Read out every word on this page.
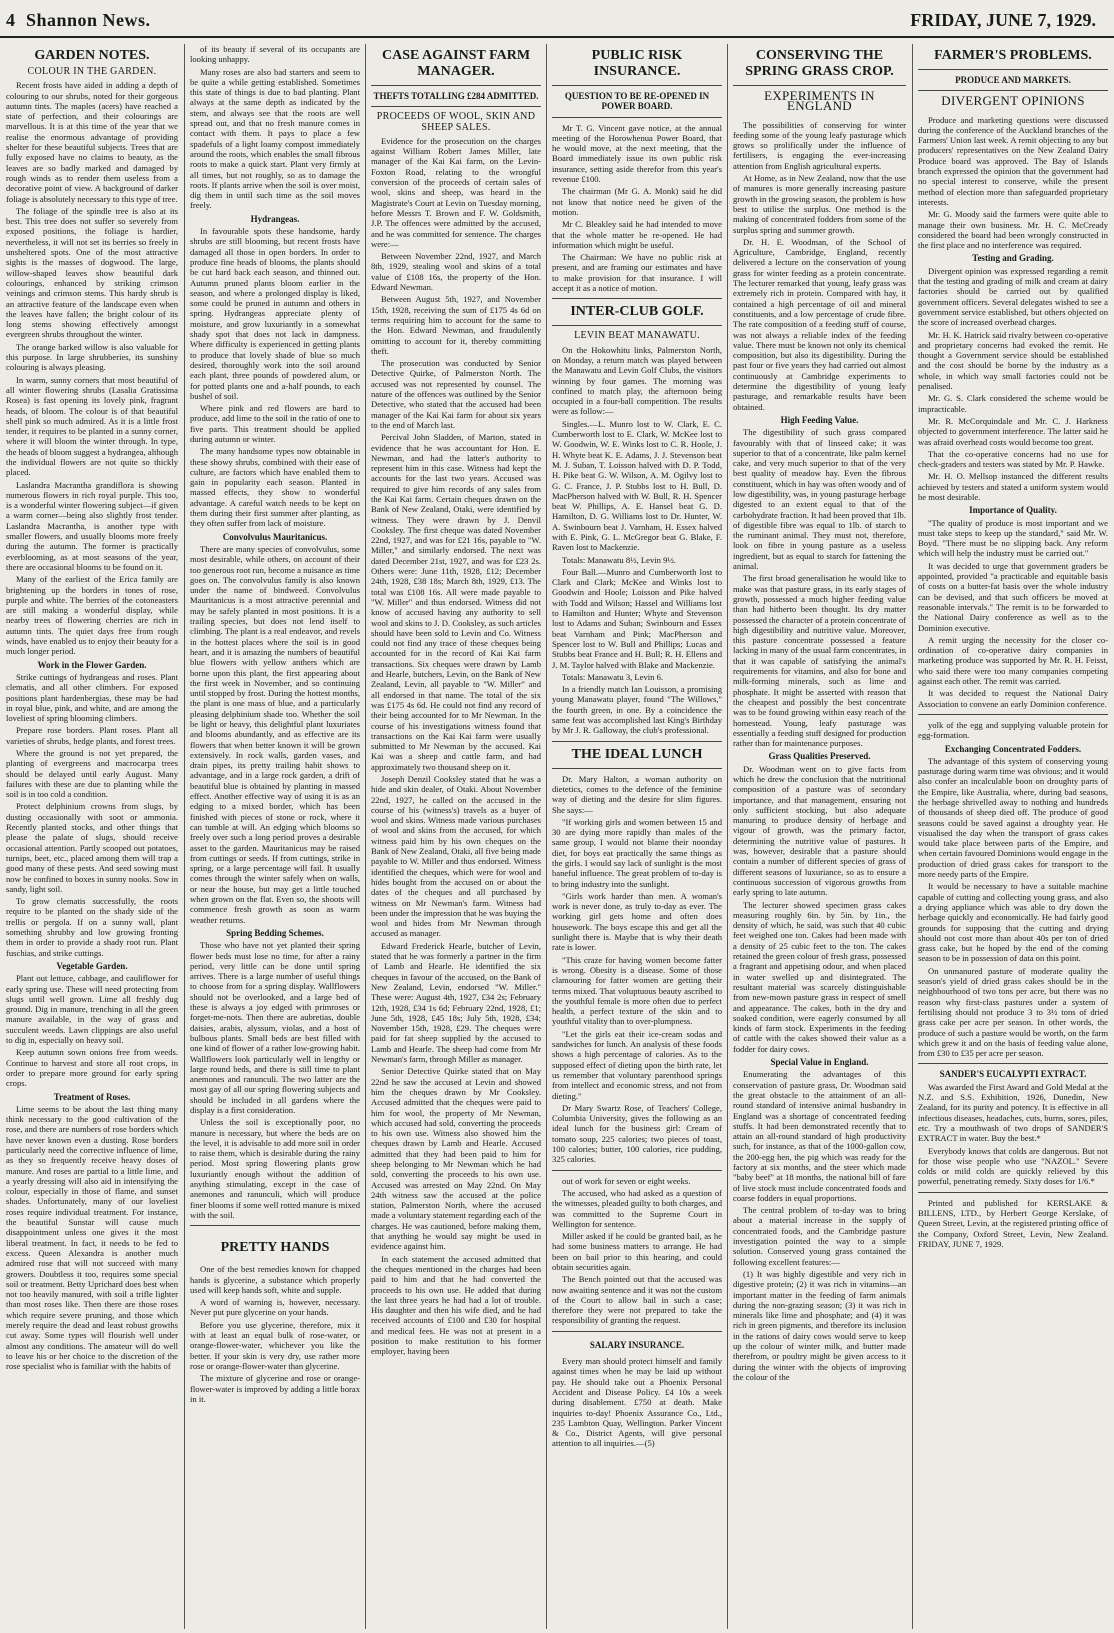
4 Shannon News.	FRIDAY, JUNE 7, 1929.
GARDEN NOTES.
COLOUR IN THE GARDEN.

Recent frosts have aided in adding a depth of colouring to our shrubs, noted for their gorgeous autumn tints. The maples (acers) have reached a state of perfection, and their colourings are marvellous. It is at this time of the year that we realise the enormous advantage of providing shelter for these beautiful subjects. Trees that are fully exposed have no claims to beauty, as the leaves are so badly marked and damaged by rough winds as to render them useless from a decorative point of view. A background of darker foliage is absolutely necessary to this type of tree.

The foliage of the spindle tree is also at its best. This tree does not suffer so severely from exposed positions, the foliage is hardier, nevertheless, it will not set its berries so freely in unsheltered spots. One of the most attractive sights is the masses of dogwood. The large, willow-shaped leaves show beautiful dark colourings, enhanced by striking crimson veinings and crimson stems. This hardy shrub is an attractive feature of the landscape even when the leaves have fallen; the bright colour of its long stems showing effectively amongst evergreen shrubs throughout the winter.

The orange barked willow is also valuable for this purpose. In large shrubberies, its sunshiny colouring is always pleasing.

In warm, sunny corners that most beautiful of all winter flowering shrubs (Lasalia Gratissima Rosea) is fast opening its lovely pink, fragrant heads, of bloom. The colour is of that beautiful shell pink so much admired. As it is a little frost tender, it requires to be planted in a sunny corner, where it will bloom the winter through. In type, the heads of bloom suggest a hydrangea, although the individual flowers are not quite so thickly placed.

Laslandra Macrantha grandiflora is showing numerous flowers in rich royal purple. This too, is a wonderful winter flowering subject—if given a warm corner—being also slightly frost tender. Laslandra Macrantha, is another type with smaller flowers, and usually blooms more freely during the autumn. The former is practically everblooming, as at most seasons of the year, there are occasional blooms to be found on it.

Many of the earliest of the Erica family are brightening up the borders in tones of rose, purple and white. The berries of the cotoneasters are still making a wonderful display, while nearby trees of flowering cherries are rich in autumn tints. The quiet days free from rough winds, have enabled us to enjoy their beauty for a much longer period.

Work in the Flower Garden.

Strike cuttings of hydrangeas and roses. Plant clematis, and all other climbers. For exposed positions plant hardenbergias, these may be had in royal blue, pink, and white, and are among the loveliest of spring blooming climbers.

Prepare rose borders. Plant roses. Plant all varieties of shrubs, hedge plants, and forest trees.

Where the ground is not yet prepared, the planting of evergreens and macrocarpa trees should be delayed until early August. Many failures with these are due to planting while the soil is in too cold a condition.

Protect delphinium crowns from slugs, by dusting occasionally with soot or ammonia. Recently planted stocks, and other things that please the palate of slugs, should receive occasional attention. Partly scooped out potatoes, turnips, beet, etc., placed among them will trap a good many of these pests. And seed sowing must now be confined to boxes in sunny nooks. Sow in sandy, light soil.

To grow clematis successfully, the roots require to be planted on the shady side of the trellis or pergola. If on a sunny wall, plant something shrubby and low growing fronting them in order to provide a shady root run. Plant fuschias, and strike cuttings.

Vegetable Garden.

Plant out lettuce, cabbage, and cauliflower for early spring use. These will need protecting from slugs until well grown. Lime all freshly dug ground. Dig in manure, trenching in all the green manure available, in the way of grass and succulent weeds. Lawn clippings are also useful to dig in, especially on heavy soil.

Keep autumn sown onions free from weeds. Continue to harvest and store all root crops, in order to prepare more ground for early spring crops.

Treatment of Roses.

Lime seems to be about the last thing many think necessary to the good cultivation of the rose, and there are numbers of rose borders which have never known even a dusting. Rose borders particularly need the corrective influence of lime, as they so frequently receive heavy doses of manure. And roses are partial to a little lime, and a yearly dressing will also aid in intensifying the colour, especially in those of flame, and sunset shades. Unfortunately, many of our loveliest roses require individual treatment. For instance, the beautiful Sunstar will cause much disappointment unless one gives it the most liberal treatment. In fact, it needs to be fed to excess. Queen Alexandra is another much admired rose that will not succeed with many growers. Doubtless it too, requires some special soil or treatment. Betty Uprichard does best when not too heavily manured, with soil a trifle lighter than most roses like. Then there are those roses which require severe pruning, and those which merely require the dead and least robust growths cut away. Some types will flourish well under almost any conditions. The amateur will do well to leave his or her choice to the discretion of the rose specialist who is familiar with the habits of

of its beauty if several of its occupants are looking unhappy.

Many roses are also bad starters and seem to be quite a while getting established. Sometimes this state of things is due to bad planting. Plant always at the same depth as indicated by the stem, and always see that the roots are well spread out, and that no fresh manure comes in contact with them. It pays to place a few spadefuls of a light loamy compost immediately around the roots, which enables the small fibrous roots to make a quick start. Plant very firmly at all times, but not roughly, so as to damage the roots. If plants arrive when the soil is over moist, dig them in until such time as the soil moves freely.

Hydrangeas.

In favourable spots these handsome, hardy shrubs are still blooming, but recent frosts have damaged all those in open borders. In order to produce fine heads of blooms, the plants should be cut hard back each season, and thinned out. Autumn pruned plants bloom earlier in the season, and where a prolonged display is liked, some could be pruned in autumn and others in spring. Hydrangeas appreciate plenty of moisture, and grow luxuriantly in a somewhat shady spot that does not lack in dampness. Where difficulty is experienced in getting plants to produce that lovely shade of blue so much desired, thoroughly work into the soil around each plant, three pounds of powdered alum, or for potted plants one and a-half pounds, to each bushel of soil.

Where pink and red flowers are hard to produce, add lime to the soil in the ratio of one to five parts. This treatment should be applied during autumn or winter.

The many handsome types now obtainable in these showy shrubs, combined with their ease of culture, are factors which have enabled them to gain in popularity each season. Planted in massed effects, they show to wonderful advantage. A careful watch needs to be kept on them during their first summer after planting, as they often suffer from lack of moisture.

Convolvulus Mauritanicus.

There are many species of convolvulus, some most desirable, while others, on account of their too generous root run, become a nuisance as time goes on. The convolvulus family is also known under the name of bindweed. Convolvulus Mauritanicus is a most attractive perennial and may be safely planted in most positions. It is a trailing species, but does not lend itself to climbing. The plant is a real endeavor, and revels in the hottest places where the soil is in good heart, and it is amazing the numbers of beautiful blue flowers with yellow anthers which are borne upon this plant, the first appearing about the first week in November, and so continuing until stopped by frost. During the hottest months, the plant is one mass of blue, and a particularly pleasing delphinium shade too. Whether the soil be light or heavy, this delightful plant luxuriates and blooms abundantly, and as effective are its flowers that when better known it will be grown extensively. In rock walls, garden vases, and drain pipes, its pretty trailing habit shows to advantage, and in a large rock garden, a drift of beautiful blue is obtained by planting in massed effect. Another effective way of using it is as an edging to a mixed border, which has been finished with pieces of stone or rock, where it can tumble at will. An edging which blooms so freely over such a long period proves a desirable asset to the garden. Mauritanicus may be raised from cuttings or seeds. If from cuttings, strike in spring, or a large percentage will fail. It usually comes through the winter safely when on walls, or near the house, but may get a little touched when grown on the flat. Even so, the shoots will commence fresh growth as soon as warm weather returns.

Spring Bedding Schemes.

Those who have not yet planted their spring flower beds must lose no time, for after a rainy period, very little can be done until spring arrives. There is a large number of useful things to choose from for a spring display. Wallflowers should not be overlooked, and a large bed of these is always a joy edged with primroses or forget-me-nots. Then there are aubretias, double daisies, arabis, alyssum, violas, and a host of bulbous plants. Small beds are best filled with one kind of flower of a rather low-growing habit. Wallflowers look particularly well in lengthy or large round beds, and there is still time to plant anemones and ranunculi. The two latter are the most gay of all our spring flowering subjects and should be included in all gardens where the display is a first consideration.

Unless the soil is exceptionally poor, no manure is necessary, but where the beds are on the level, it is advisable to add more soil in order to raise them, which is desirable during the rainy period. Most spring flowering plants grow luxuriantly enough without the addition of anything stimulating, except in the case of anemones and ranunculi, which will produce finer blooms if some well rotted manure is mixed with the soil.

PRETTY HANDS

One of the best remedies known for chapped hands is glycerine, a substance which properly used will keep hands soft, white and supple.

A word of warning is, however, necessary. Never put pure glycerine on your hands.

Before you use glycerine, therefore, mix it with at least an equal bulk of rose-water, or orange-flower-water, whichever you like the better. If your skin is very dry, use rather more rose or orange-flower-water than glycerine.

The mixture of glycerine and rose or orange-flower-water is improved by adding a little borax in it.

CASE AGAINST FARM MANAGER.
THEFTS TOTALLING £284 ADMITTED.
PROCEEDS OF WOOL, SKIN AND SHEEP SALES.

Evidence for the prosecution on the charges against William Robert James Miller, late manager of the Kai Kai farm, on the Levin-Foxton Road, relating to the wrongful conversion of the proceeds of certain sales of wool, skins and sheep, was heard in the Magistrate's Court at Levin on Tuesday morning, before Messrs T. Brown and F. W. Goldsmith, J.P. The offences were admitted by the accused, and he was committed for sentence. The charges were:—

Between November 22nd, 1927, and March 8th, 1929, stealing wool and skins of a total value of £108 16s, the property of the Hon. Edward Newman.

Between August 5th, 1927, and November 15th, 1928, receiving the sum of £175 4s 6d on terms requiring him to account for the same to the Hon. Edward Newman, and fraudulently omitting to account for it, thereby committing theft.

The prosecution was conducted by Senior Detective Quirke, of Palmerston North. The accused was not represented by counsel. The nature of the offences was outlined by the Senior Detective, who stated that the accused had been manager of the Kai Kai farm for about six years to the end of March last.

Percival John Sladden, of Marton, stated in evidence that he was accountant for Hon. E. Newman, and had the latter's authority to represent him in this case. Witness had kept the accounts for the last two years. Accused was required to give him records of any sales from the Kai Kai farm. Certain cheques drawn on the Bank of New Zealand, Otaki, were identified by witness. They were drawn by J. Denvil Cooksley. The first cheque was dated November 22nd, 1927, and was for £21 16s, payable to "W. Miller," and similarly endorsed. The next was dated December 21st, 1927, and was for £23 2s. Others were: June 11th, 1928, £12; December 24th, 1928, £38 18s; March 8th, 1929, £13. The total was £108 16s. All were made payable to "W. Miller" and thus endorsed. Witness did not know of accused having any authority to sell wool and skins to J. D. Cooksley, as such articles should have been sold to Levin and Co. Witness could not find any trace of these cheques being accounted for in the record of Kai Kai farm transactions. Six cheques were drawn by Lamb and Hearle, butchers, Levin, on the Bank of New Zealand, Levin, all payable to "W. Miller" and all endorsed in that name. The total of the six was £175 4s 6d. He could not find any record of their being accounted for to Mr Newman. In the course of his investigations witness found that transactions on the Kai Kai farm were usually submitted to Mr Newman by the accused. Kai Kai was a sheep and cattle farm, and had approximately two thousand sheep on it.

Joseph Denzil Cooksley stated that he was a hide and skin dealer, of Otaki. About November 22nd, 1927, he called on the accused in the course of his (witness's) travels as a buyer of wool and skins. Witness made various purchases of wool and skins from the accused, for which witness paid him by his own cheques on the Bank of New Zealand, Otaki, all five being made payable to W. Miller and thus endorsed. Witness identified the cheques, which were for wool and hides bought from the accused on or about the dates of the cheques and all purchased by witness on Mr Newman's farm. Witness had been under the impression that he was buying the wool and hides from Mr Newman through accused as manager.

Edward Frederick Hearle, butcher of Levin, stated that he was formerly a partner in the firm of Lamb and Hearle. He identified the six cheques in favour of the accused, on the Bank of New Zealand, Levin, endorsed "W. Miller." These were: August 4th, 1927, £34 2s; February 12th, 1928, £34 1s 6d; February 22nd, 1928, £1; June 5th, 1928, £45 18s; July 5th, 1928, £34; November 15th, 1928, £29. The cheques were paid for fat sheep supplied by the accused to Lamb and Hearle. The sheep had come from Mr Newman's farm, through Miller as manager.

Senior Detective Quirke stated that on May 22nd he saw the accused at Levin and showed him the cheques drawn by Mr Cooksley. Accused admitted that the cheques were paid to him for wool, the property of Mr Newman, which accused had sold, converting the proceeds to his own use. Witness also showed him the cheques drawn by Lamb and Hearle. Accused admitted that they had been paid to him for sheep belonging to Mr Newman which he had sold, converting the proceeds to his own use. Accused was arrested on May 22nd. On May 24th witness saw the accused at the police station, Palmerston North, where the accused made a voluntary statement regarding each of the charges. He was cautioned, before making them, that anything he would say might be used in evidence against him.

In each statement the accused admitted that the cheques mentioned in the charges had been paid to him and that he had converted the proceeds to his own use. He added that during the last three years he had had a lot of trouble. His daughter and then his wife died, and he had received accounts of £100 and £30 for hospital and medical fees. He was not at present in a position to make restitution to his former employer, having been

PUBLIC RISK INSURANCE.
QUESTION TO BE RE-OPENED IN POWER BOARD.

Mr T. G. Vincent gave notice, at the annual meeting of the Horowhenua Power Board, that he would move, at the next meeting, that the Board immediately issue its own public risk insurance, setting aside therefor from this year's revenue £100.

The chairman (Mr G. A. Monk) said he did not know that notice need be given of the motion.

Mr C. Bleakley said he had intended to move that the whole matter be re-opened. He had information which might be useful.

The Chairman: We have no public risk at present, and are framing our estimates and have to make provision for that insurance. I will accept it as a notice of motion.

INTER-CLUB GOLF.
LEVIN BEAT MANAWATU.

On the Hokowhitu links, Palmerston North, on Monday, a return match was played between the Manawatu and Levin Golf Clubs, the visitors winning by four games. The morning was confined to match play, the afternoon being occupied in a four-ball competition. The results were as follow:—

Singles.—L. Munro lost to W. Clark, E. C. Cumberworth lost to E. Clark, W. McKee lost to W. Goodwin, W. E. Winks lost to C. R. Hoole, J. H. Whyte beat K. E. Adams, J. J. Stevenson beat M. J. Suban, T. Loisson halved with D. P. Todd, H. Pike beat G. W. Wilson, A. M. Ogilvy lost to G. C. France, J. P. Stubbs lost to H. Bull, D. MacPherson halved with W. Bull, R. H. Spencer beat W. Phillips, A. E. Hansel beat G. D. Hamilton, D. G. Williams lost to Dr. Hunter, W. A. Swinbourn beat J. Varnham, H. Essex halved with E. Pink, G. L. McGregor beat G. Blake, F. Raven lost to Mackenzie.

Totals: Manawatu 8½, Levin 9½.

Four Ball.—Munro and Cumberworth lost to Clark and Clark; McKee and Winks lost to Goodwin and Hoole; Loisson and Pike halved with Todd and Wilson; Hassel and Williams lost to Hamilton and Hunter; Whyte and Stevenson lost to Adams and Suban; Swinbourn and Essex beat Varnham and Pink; MacPherson and Spencer lost to W. Bull and Phillips; Lucas and Stubbs beat France and H. Bull; R. H. Ellens and J. M. Taylor halved with Blake and Mackenzie.

Totals: Manawatu 3, Levin 6.

In a friendly match Ian Louisson, a promising young Manawatu player, found "The Willows," the fourth green, in one. By a coincidence the same feat was accomplished last King's Birthday by Mr J. R. Galloway, the club's professional.

THE IDEAL LUNCH

Dr. Mary Halton, a woman authority on dietetics, comes to the defence of the feminine way of dieting and the desire for slim figures. She says:—

"If working girls and women between 15 and 30 are dying more rapidly than males of the same group, I would not blame their noonday diet, for boys eat practically the same things as the girls. I would say lack of sunlight is the most baneful influence. The great problem of to-day is to bring industry into the sunlight.

"Girls work harder than men. A woman's work is never done, as truly to-day as ever. The working girl gets home and often does housework. The boys escape this and get all the sunlight there is. Maybe that is why their death rate is lower.

"This craze for having women become fatter is wrong. Obesity is a disease. Some of those clamouring for fatter women are getting their terms mixed. That voluptuous beauty ascribed to the youthful female is more often due to perfect health, a perfect texture of the skin and to youthful vitality than to over-plumpness.

"Let the girls eat their ice-cream sodas and sandwiches for lunch. An analysis of these foods shows a high percentage of calories. As to the supposed effect of dieting upon the birth rate, let us remember that voluntary parenthood springs from intellect and economic stress, and not from dieting."

Dr Mary Swartz Rose, of Teachers' College, Columbia University, gives the following as an ideal lunch for the business girl: Cream of tomato soup, 225 calories; two pieces of toast, 100 calories; butter, 100 calories, rice pudding, 325 calories.

out of work for seven or eight weeks.

The accused, who had asked as a question of the witnesses, pleaded guilty to both charges, and was committed to the Supreme Court in Wellington for sentence.

Miller asked if he could be granted bail, as he had some business matters to arrange. He had been on bail prior to this hearing, and could obtain securities again.

The Bench pointed out that the accused was now awaiting sentence and it was not the custom of the Court to allow bail in such a case; therefore they were not prepared to take the responsibility of granting the request.

SALARY INSURANCE.

Every man should protect himself and family against times when he may be laid up without pay. He should take out a Phoenix Personal Accident and Disease Policy. £4 10s a week during disablement. £750 at death. Make inquiries to-day! Phoenix Assurance Co., Ltd., 235 Lambton Quay, Wellington. Parker Vincent & Co., District Agents, will give personal attention to all inquiries.—(5)

CONSERVING THE SPRING GRASS CROP.
EXPERIMENTS IN ENGLAND

The possibilities of conserving for winter feeding some of the young leafy pasturage which grows so prolifically under the influence of fertilisers, is engaging the ever-increasing attention from English agricultural experts.

At Home, as in New Zealand, now that the use of manures is more generally increasing pasture growth in the growing season, the problem is how best to utilise the surplus. One method is the making of concentrated fodders from some of the surplus spring and summer growth.

Dr. H. E. Woodman, of the School of Agriculture, Cambridge, England, recently delivered a lecture on the conservation of young grass for winter feeding as a protein concentrate. The lecturer remarked that young, leafy grass was extremely rich in protein. Compared with hay, it contained a high percentage of oil and mineral constituents, and a low percentage of crude fibre. The rate composition of a feeding stuff of course, was not always a reliable index of the feeding value. There must be known not only its chemical composition, but also its digestibility. During the past four or five years they had carried out almost continuously at Cambridge experiments to determine the digestibility of young leafy pasturage, and remarkable results have been obtained.

High Feeding Value.

The digestibility of such grass compared favourably with that of linseed cake; it was superior to that of a concentrate, like palm kernel cake, and very much superior to that of the very best quality of meadow hay. Even the fibrous constituent, which in hay was often woody and of low digestibility, was, in young pasturage herbage digested to an extent equal to that of the carbohydrate fraction. It had been proved that 1lb. of digestible fibre was equal to 1lb. of starch to the ruminant animal. They must not, therefore, look on fibre in young pasture as a useless ingredient, but as equal to starch for fattening the animal.

The first broad generalisation he would like to make was that pasture grass, in its early stages of growth, possessed a much higher feeding value than had hitherto been thought. Its dry matter possessed the character of a protein concentrate of high digestibility and nutritive value. Moreover, this pasture concentrate possessed a feature lacking in many of the usual farm concentrates, in that it was capable of satisfying the animal's requirements for vitamins, and also for bone and milk-forming minerals, such as lime and phosphate. It might be asserted with reason that the cheapest and possibly the best concentrate was to be found growing within easy reach of the homestead. Young, leafy pasturage was essentially a feeding stuff designed for production rather than for maintenance purposes.

Grass Qualities Preserved.

Dr. Woodman went on to give facts from which he drew the conclusion that the nutritional composition of a pasture was of secondary importance, and that management, ensuring not only sufficient stocking, but also adequate manuring to produce density of herbage and vigour of growth, was the primary factor, determining the nutritive value of pastures. It was, however, desirable that a pasture should contain a number of different species of grass of different seasons of luxuriance, so as to ensure a continuous succession of vigorous growths from early spring to late autumn.

The lecturer showed specimen grass cakes measuring roughly 6in. by 5in. by 1in., the density of which, he said, was such that 40 cubic feet weighed one ton. Cakes had been made with a density of 25 cubic feet to the ton. The cakes retained the green colour of fresh grass, possessed a fragrant and appetising odour, and when placed in water swelled up and disintegrated. The resultant material was scarcely distinguishable from new-mown pasture grass in respect of smell and appearance. The cakes, both in the dry and soaked condition, were eagerly consumed by all kinds of farm stock. Experiments in the feeding of cattle with the cakes showed their value as a fodder for dairy cows.

Special Value in England.

Enumerating the advantages of this conservation of pasture grass, Dr. Woodman said the great obstacle to the attainment of an all-round standard of intensive animal husbandry in England was a shortage of concentrated feeding stuffs. It had been demonstrated recently that to attain an all-round standard of high productivity such, for instance, as that of the 1000-gallon cow, the 200-egg hen, the pig which was ready for the factory at six months, and the steer which made "baby beef" at 18 months, the national bill of fare of live stock must include concentrated foods and coarse fodders in equal proportions.

The central problem of to-day was to bring about a material increase in the supply of concentrated foods, and the Cambridge pasture investigation pointed the way to a simple solution. Conserved young grass contained the following excellent features:—

(1) It was highly digestible and very rich in digestive protein; (2) it was rich in vitamins—an important matter in the feeding of farm animals during the non-grazing season; (3) it was rich in minerals like lime and phosphate; and (4) it was rich in green pigments, and therefore its inclusion in the rations of dairy cows would serve to keep up the colour of winter milk, and butter made therefrom, or poultry might be given access to it during the winter with the objects of improving the colour of the

FARMER'S PROBLEMS.
PRODUCE AND MARKETS.
DIVERGENT OPINIONS

Produce and marketing questions were discussed during the conference of the Auckland branches of the Farmers' Union last week. A remit objecting to any but producers' representatives on the New Zealand Dairy Produce board was approved. The Bay of Islands branch expressed the opinion that the government had no special interest to conserve, while the present method of election more than safeguarded proprietary interests.

Mr. G. Moody said the farmers were quite able to manage their own business. Mr. H. C. McCready considered the board had been wrongly constructed in the first place and no interference was required.

Testing and Grading.

Divergent opinion was expressed regarding a remit that the testing and grading of milk and cream at dairy factories should be carried out by qualified government officers. Several delegates wished to see a government service established, but others objected on the score of increased overhead charges.

Mr. H. K. Hatrick said rivalry between co-operative and proprietary concerns had evoked the remit. He thought a Government service should be established and the cost should be borne by the industry as a whole, in which way small factories could not be penalised.

Mr. G. S. Clark considered the scheme would be impracticable.

Mr. R. McCorquindale and Mr. C. J. Harkness objected to government interference. The latter said he was afraid overhead costs would become too great.

That the co-operative concerns had no use for check-graders and testers was stated by Mr. P. Hawke.

Mr. H. O. Mellsop instanced the different results achieved by testers and stated a uniform system would be most desirable.

Importance of Quality.

"The quality of produce is most important and we must take steps to keep up the standard," said Mr. W. Boyd. "There must be no slipping back. Any reform which will help the industry must be carried out."

It was decided to urge that government graders be appointed, provided "a practicable and equitable basis of costs on a butter-fat basis over the whole industry can be devised, and that such officers be moved at reasonable intervals." The remit is to be forwarded to the National Dairy conference as well as to the Dominion executive.

A remit urging the necessity for the closer co-ordination of co-operative dairy companies in marketing produce was supported by Mr. R. H. Feisst, who said there were too many companies competing against each other. The remit was carried.

It was decided to request the National Dairy Association to convene an early Dominion conference.

yolk of the egg and supplying valuable protein for egg-formation.

Exchanging Concentrated Fodders.

The advantage of this system of conserving young pasturage during warm time was obvious; and it would also confer an incalculable boon on droughty parts of the Empire, like Australia, where, during bad seasons, the herbage shrivelled away to nothing and hundreds of thousands of sheep died off. The produce of good seasons could be saved against a droughty year. He visualised the day when the transport of grass cakes would take place between parts of the Empire, and when certain favoured Dominions would engage in the production of dried grass cakes for transport to the more needy parts of the Empire.

It would be necessary to have a suitable machine capable of cutting and collecting young grass, and also a drying appliance which was able to dry down the herbage quickly and economically. He had fairly good grounds for supposing that the cutting and drying should not cost more than about 40s per ton of dried grass cake, but he hoped by the end of the coming season to be in possession of data on this point.

On unmanured pasture of moderate quality the season's yield of dried grass cakes should be in the neighbourhood of two tons per acre, but there was no reason why first-class pastures under a system of fertilising should not produce 3 to 3½ tons of dried grass cake per acre per season. In other words, the produce of such a pasture would be worth, on the farm which grew it and on the basis of feeding value alone, from £30 to £35 per acre per season.

SANDER'S EUCALYPTI EXTRACT.

Was awarded the First Award and Gold Medal at the N.Z. and S.S. Exhibition, 1926, Dunedin, New Zealand, for its purity and potency. It is effective in all infectious diseases, headaches, cuts, burns, sores, piles, etc. Try a mouthwash of two drops of SANDER'S EXTRACT in water. Buy the best.*

Everybody knows that colds are dangerous. But not for those wise people who use "NAZOL." Severe colds or mild colds are quickly relieved by this powerful, penetrating remedy. Sixty doses for 1/6.*

Printed and published for KERSLAKE & BILLENS, LTD., by Herbert George Kerslake, of Queen Street, Levin, at the registered printing office of the Company, Oxford Street, Levin, New Zealand. FRIDAY, JUNE 7, 1929.
